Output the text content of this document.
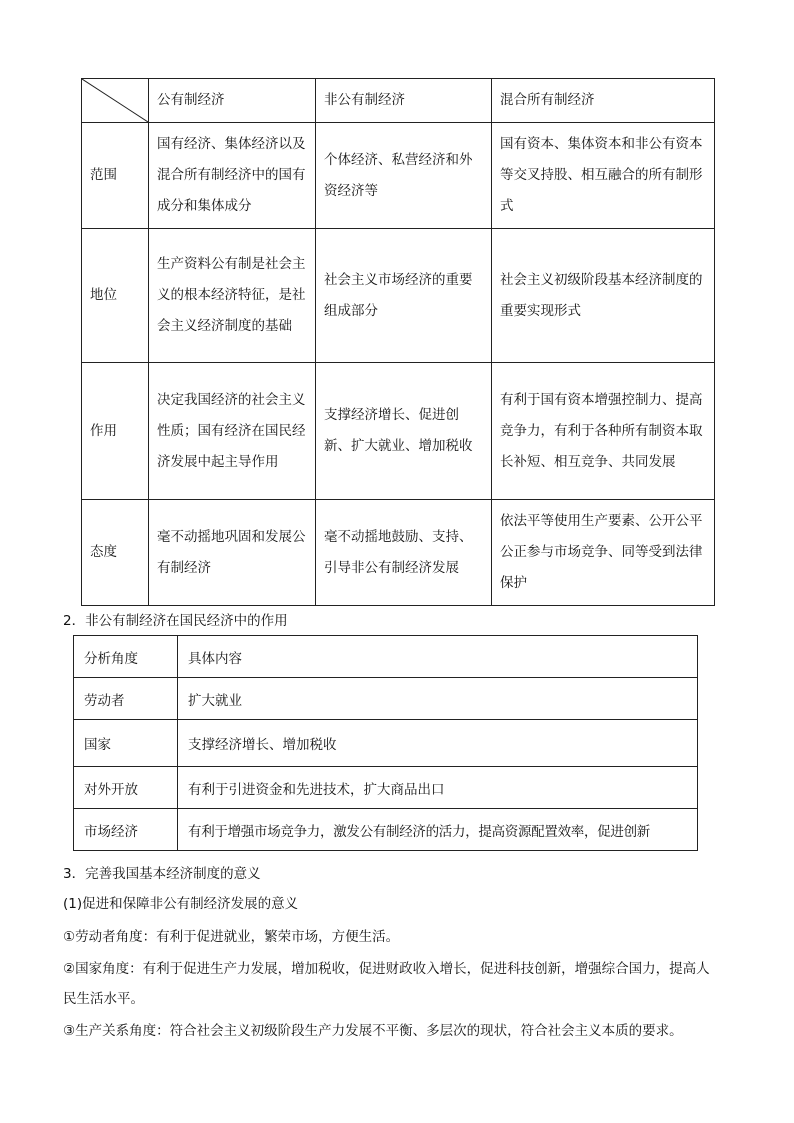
	公有制经济	非公有制经济	混合所有制经济
范围	国有经济、集体经济以及混合所有制经济中的国有成分和集体成分	个体经济、私营经济和外资经济等	国有资本、集体资本和非公有资本等交叉持股、相互融合的所有制形式
地位	生产资料公有制是社会主义的根本经济特征，是社会主义经济制度的基础	社会主义市场经济的重要组成部分	社会主义初级阶段基本经济制度的重要实现形式
作用	决定我国经济的社会主义性质；国有经济在国民经济发展中起主导作用	支撑经济增长、促进创新、扩大就业、增加税收	有利于国有资本增强控制力、提高竞争力，有利于各种所有制资本取长补短、相互竞争、共同发展
态度	毫不动摇地巩固和发展公有制经济	毫不动摇地鼓励、支持、引导非公有制经济发展	依法平等使用生产要素、公开公平公正参与市场竞争、同等受到法律保护
2．非公有制经济在国民经济中的作用
分析角度	具体内容
劳动者	扩大就业
国家	支撑经济增长、增加税收
对外开放	有利于引进资金和先进技术，扩大商品出口
市场经济	有利于增强市场竞争力，激发公有制经济的活力，提高资源配置效率，促进创新
3．完善我国基本经济制度的意义
(1)促进和保障非公有制经济发展的意义
①劳动者角度：有利于促进就业，繁荣市场，方便生活。
②国家角度：有利于促进生产力发展，增加税收，促进财政收入增长，促进科技创新，增强综合国力，提高人民生活水平。
③生产关系角度：符合社会主义初级阶段生产力发展不平衡、多层次的现状，符合社会主义本质的要求。
